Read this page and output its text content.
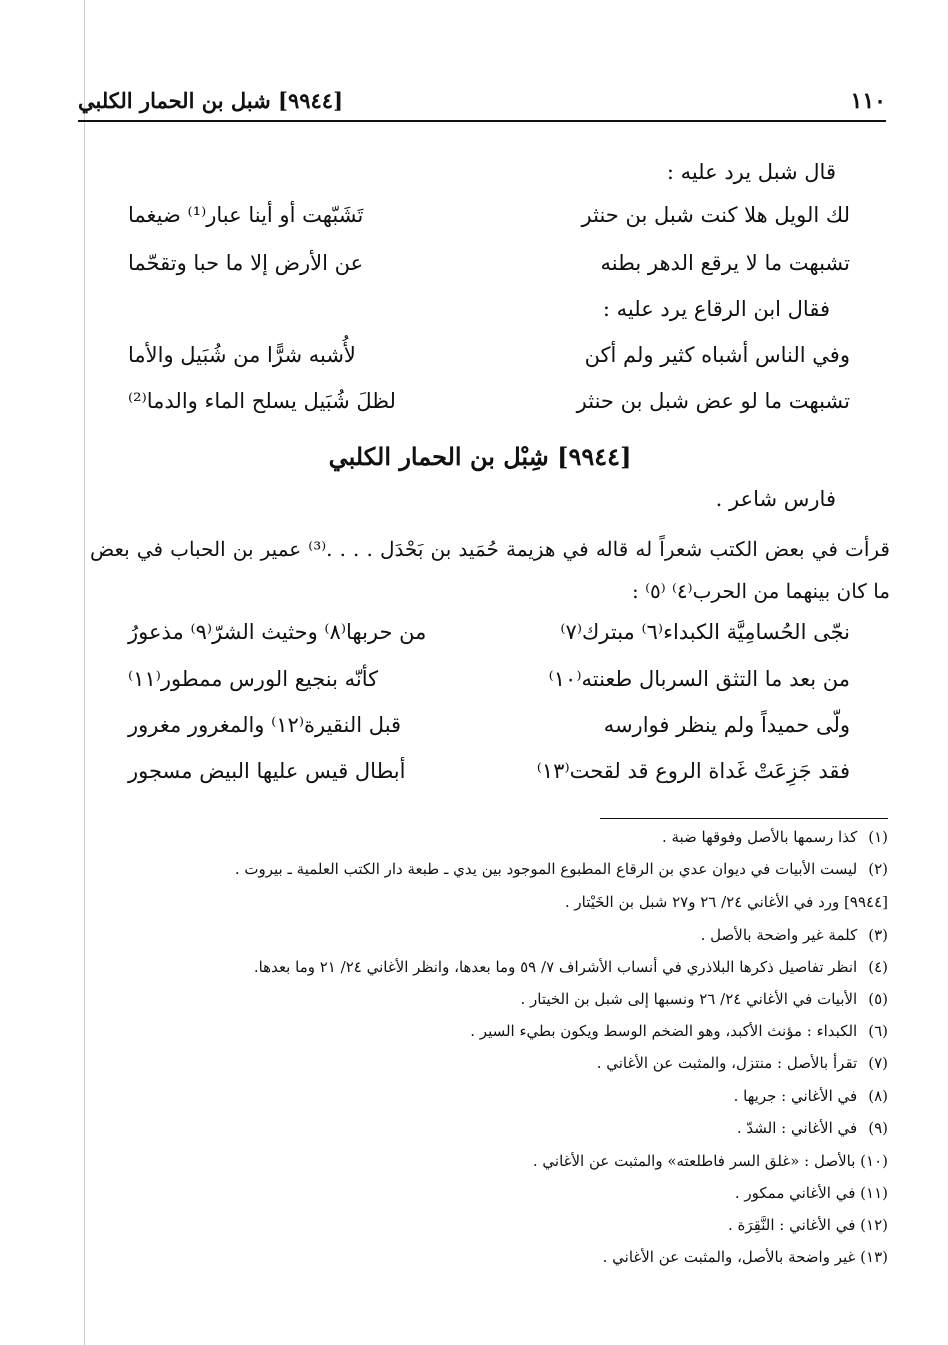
١١٠
[٩٩٤٤] شبل بن الحمار الكلبي
قال شبل يرد عليه :
لك الويل هلا كنت شبل بن حنثر
تَشَبّهت أو أينا عبار⁽¹⁾ ضيغما
تشبهت ما لا يرقع الدهر بطنه
عن الأرض إلا ما حبا وتقحّما
فقال ابن الرقاع يرد عليه :
وفي الناس أشباه كثير ولم أكن
لأُشبه شرًّا من شُبَيل والأما
تشبهت ما لو عض شبل بن حنثر
لظلَ شُبَيل يسلح الماء والدما⁽²⁾
[٩٩٤٤] شِبْل بن الحمار الكلبي
فارس شاعر .
قرأت في بعض الكتب شعراً له قاله في هزيمة حُمَيد بن بَحْدَل . . . .⁽³⁾ عمير بن الحباب في بعض ما كان بينهما من الحرب⁽٤⁾ ⁽٥⁾ :
نجّى الحُسامِيَّة الكبداء⁽٦⁾ مبترك⁽٧⁾
من حربها⁽٨⁾ وحثيث الشرّ⁽٩⁾ مذعورُ
من بعد ما التثق السربال طعنته⁽١٠⁾
كأنّه بنجيع الورس ممطور⁽١١⁾
ولّى حميداً ولم ينظر فوارسه
قبل النقيرة⁽١٢⁾ والمغرور مغرور
فقد جَزِعَتْ غَداة الروع قد لقحت⁽١٣⁾
أبطال قيس عليها البيض مسجور
(١) كذا رسمها بالأصل وفوقها ضبة .
(٢) ليست الأبيات في ديوان عدي بن الرقاع المطبوع الموجود بين يدي ـ طبعة دار الكتب العلمية ـ بيروت .
[٩٩٤٤] ورد في الأغاني ٢٤/ ٢٦ و٢٧ شبل بن الخَيْتار .
(٣) كلمة غير واضحة بالأصل .
(٤) انظر تفاصيل ذكرها البلاذري في أنساب الأشراف ٧/ ٥٩ وما بعدها، وانظر الأغاني ٢٤/ ٢١ وما بعدها.
(٥) الأبيات في الأغاني ٢٤/ ٢٦ ونسبها إلى شبل بن الخيتار .
(٦) الكبداء : مؤنث الأكبد، وهو الضخم الوسط ويكون بطيء السير .
(٧) تقرأ بالأصل : منتزل، والمثبت عن الأغاني .
(٨) في الأغاني : جريها .
(٩) في الأغاني : الشدّ .
(١٠) بالأصل : «غلق السر فاطلعته» والمثبت عن الأغاني .
(١١) في الأغاني ممكور .
(١٢) في الأغاني : النَّقِرَة .
(١٣) غير واضحة بالأصل، والمثبت عن الأغاني .
